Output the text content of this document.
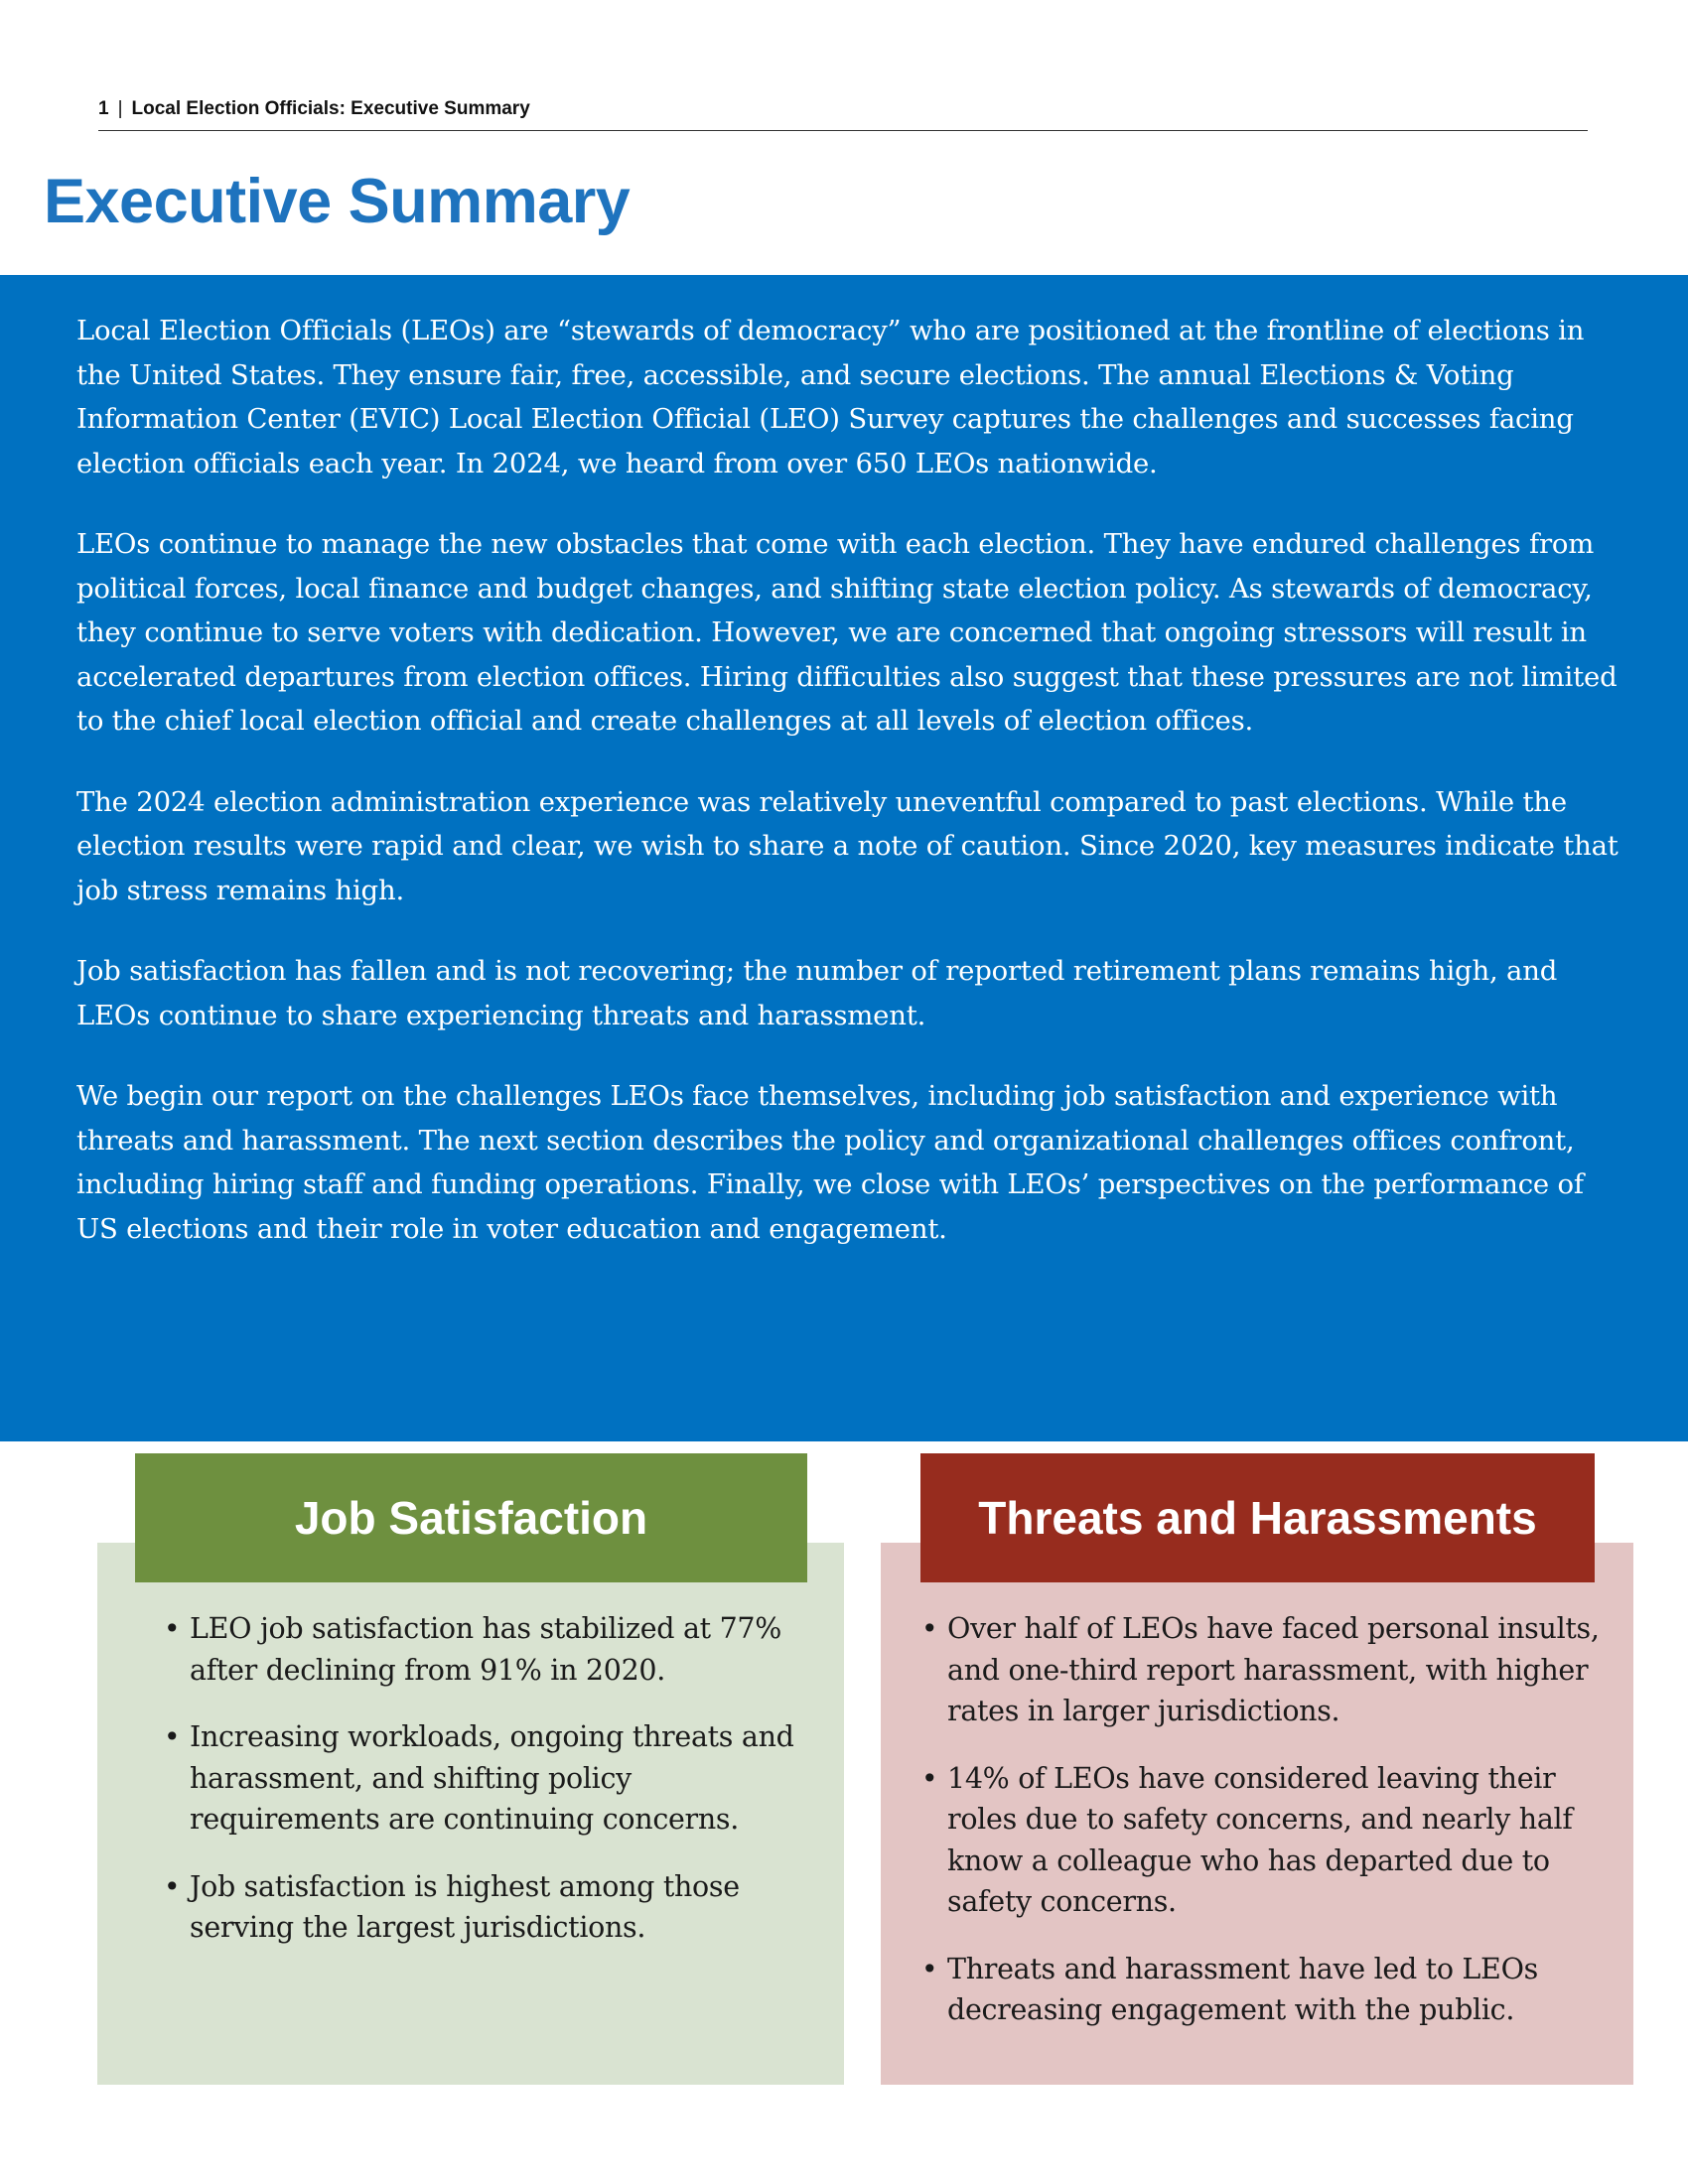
1 | Local Election Officials: Executive Summary
Executive Summary

Local Election Officials (LEOs) are “stewards of democracy” who are positioned at the frontline of elections in the United States. They ensure fair, free, accessible, and secure elections. The annual Elections & Voting Information Center (EVIC) Local Election Official (LEO) Survey captures the challenges and successes facing election officials each year. In 2024, we heard from over 650 LEOs nationwide.

LEOs continue to manage the new obstacles that come with each election. They have endured challenges from political forces, local finance and budget changes, and shifting state election policy. As stewards of democracy, they continue to serve voters with dedication. However, we are concerned that ongoing stressors will result in accelerated departures from election offices. Hiring difficulties also suggest that these pressures are not limited to the chief local election official and create challenges at all levels of election offices.

The 2024 election administration experience was relatively uneventful compared to past elections. While the election results were rapid and clear, we wish to share a note of caution. Since 2020, key measures indicate that job stress remains high.

Job satisfaction has fallen and is not recovering; the number of reported retirement plans remains high, and LEOs continue to share experiencing threats and harassment.

We begin our report on the challenges LEOs face themselves, including job satisfaction and experience with threats and harassment. The next section describes the policy and organizational challenges offices confront, including hiring staff and funding operations. Finally, we close with LEOs’ perspectives on the performance of US elections and their role in voter education and engagement.

• LEO job satisfaction has stabilized at 77% after declining from 91% in 2020.
• Increasing workloads, ongoing threats and harassment, and shifting policy requirements are continuing concerns.
• Job satisfaction is highest among those serving the largest jurisdictions.
Job Satisfaction
• Over half of LEOs have faced personal insults, and one-third report harassment, with higher rates in larger jurisdictions.
• 14% of LEOs have considered leaving their roles due to safety concerns, and nearly half know a colleague who has departed due to safety concerns.
• Threats and harassment have led to LEOs decreasing engagement with the public.
Threats and Harassments
